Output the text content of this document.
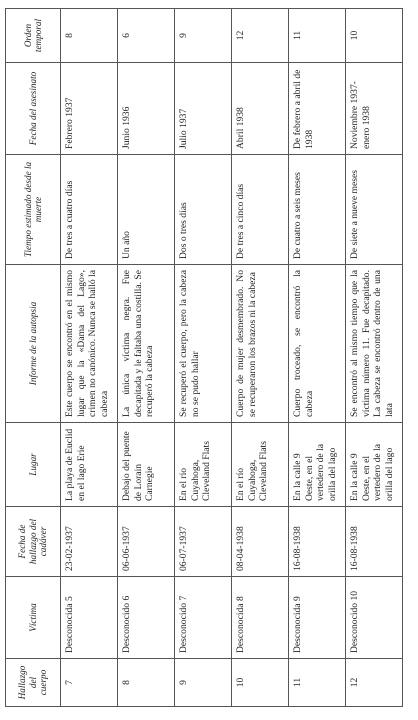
Hallazgo del cuerpo	Víctima	Fecha de hallazgo del cadáver	Lugar	Informe de la autopsia	Tiempo estimado desde la muerte	Fecha del asesinato	Orden temporal
7	Desconocida 5	23-02-1937	La playa de Euclid en el lago Erie	Este cuerpo se encontró en el mismo lugar que la «Dama del Lago», crimen no canónico. Nunca se halló la cabeza	De tres a cuatro días	Febrero 1937	8
8	Desconocido 6	06-06-1937	Debajo del puente de Lorain Carnegie	La única víctima negra. Fue decapitada y le faltaba una costilla. Se recuperó la cabeza	Un año	Junio 1936	6
9	Desconocido 7	06-07-1937	En el río Cuyahoga, Cleveland Flats	Se recuperó el cuerpo, pero la cabeza no se pudo hallar	Dos o tres días	Julio 1937	9
10	Desconocida 8	08-04-1938	En el río Cuyahoga, Cleveland Flats	Cuerpo de mujer desmembrado. No se recuperaron los brazos ni la cabeza	De tres a cinco días	Abril 1938	12
11	Desconocida 9	16-08-1938	En la calle 9 Oeste, en el vertedero de la orilla del lago	Cuerpo troceado, se encontró la cabeza	De cuatro a seis meses	De febrero a abril de 1938	11
12	Desconocido 10	16-08-1938	En la calle 9 Oeste, en el vertedero de la orilla del lago	Se encontró al mismo tiempo que la víctima número 11. Fue decapitado. La cabeza se encontró dentro de una lata	De siete a nueve meses	Noviembre 1937-enero 1938	10
